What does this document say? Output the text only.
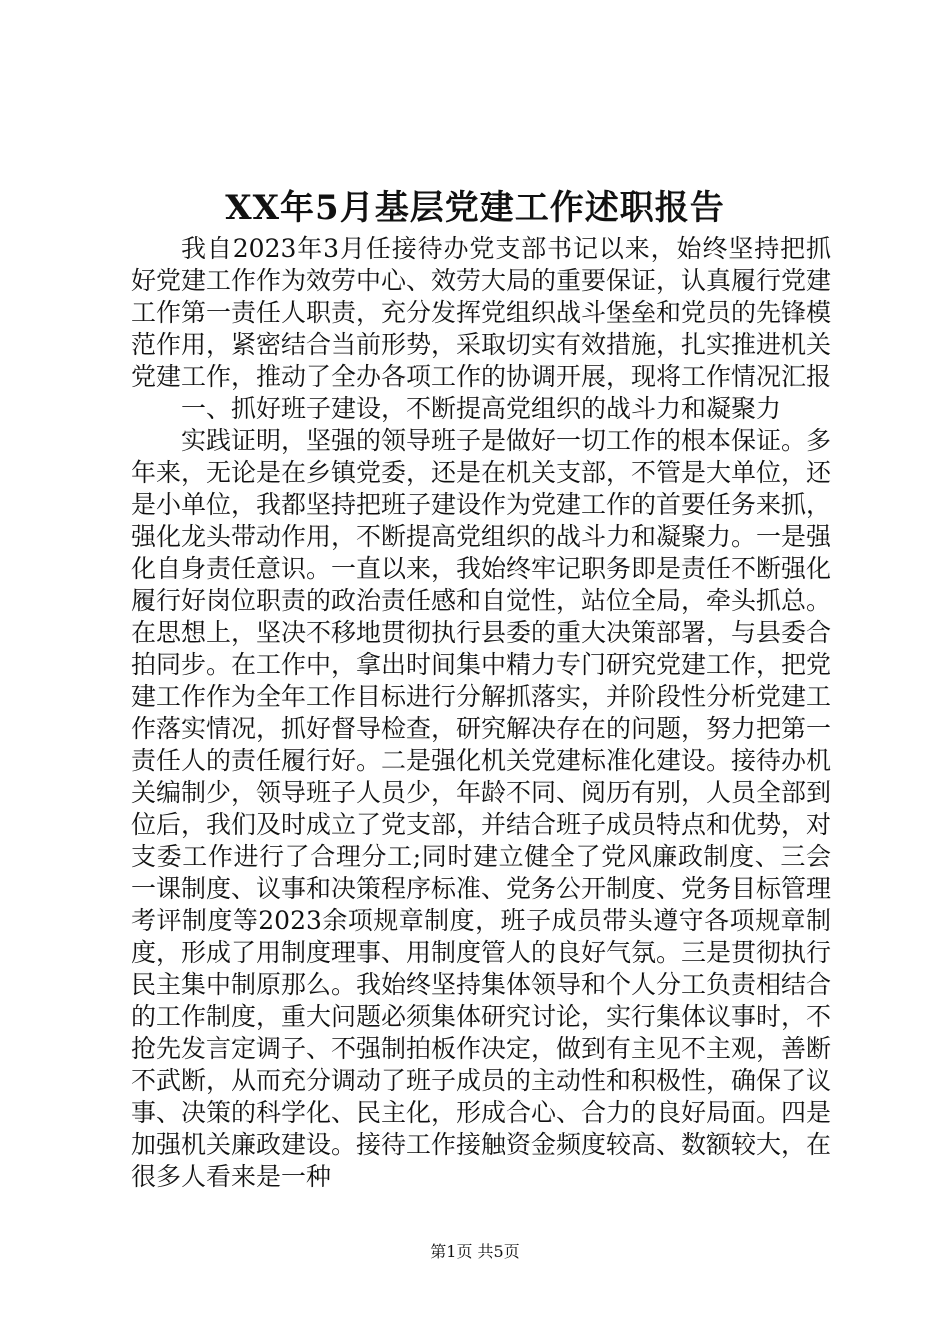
XX年5月基层党建工作述职报告

我自2023年3月任接待办党支部书记以来，始终坚持把抓好党建工作作为效劳中心、效劳大局的重要保证，认真履行党建工作第一责任人职责，充分发挥党组织战斗堡垒和党员的先锋模范作用，紧密结合当前形势，采取切实有效措施，扎实推进机关党建工作，推动了全办各项工作的协调开展，现将工作情况汇报

一、抓好班子建设，不断提高党组织的战斗力和凝聚力

实践证明，坚强的领导班子是做好一切工作的根本保证。多年来，无论是在乡镇党委，还是在机关支部，不管是大单位，还是小单位，我都坚持把班子建设作为党建工作的首要任务来抓，强化龙头带动作用，不断提高党组织的战斗力和凝聚力。一是强化自身责任意识。一直以来，我始终牢记职务即是责任不断强化履行好岗位职责的政治责任感和自觉性，站位全局，牵头抓总。在思想上，坚决不移地贯彻执行县委的重大决策部署，与县委合拍同步。在工作中，拿出时间集中精力专门研究党建工作，把党建工作作为全年工作目标进行分解抓落实，并阶段性分析党建工作落实情况，抓好督导检查，研究解决存在的问题，努力把第一责任人的责任履行好。二是强化机关党建标准化建设。接待办机关编制少，领导班子人员少，年龄不同、阅历有别，人员全部到位后，我们及时成立了党支部，并结合班子成员特点和优势，对支委工作进行了合理分工;同时建立健全了党风廉政制度、三会一课制度、议事和决策程序标准、党务公开制度、党务目标管理考评制度等2023余项规章制度，班子成员带头遵守各项规章制度，形成了用制度理事、用制度管人的良好气氛。三是贯彻执行民主集中制原那么。我始终坚持集体领导和个人分工负责相结合的工作制度，重大问题必须集体研究讨论，实行集体议事时，不抢先发言定调子、不强制拍板作决定，做到有主见不主观，善断不武断，从而充分调动了班子成员的主动性和积极性，确保了议事、决策的科学化、民主化，形成合心、合力的良好局面。四是加强机关廉政建设。接待工作接触资金频度较高、数额较大，在很多人看来是一种

第1页 共5页
